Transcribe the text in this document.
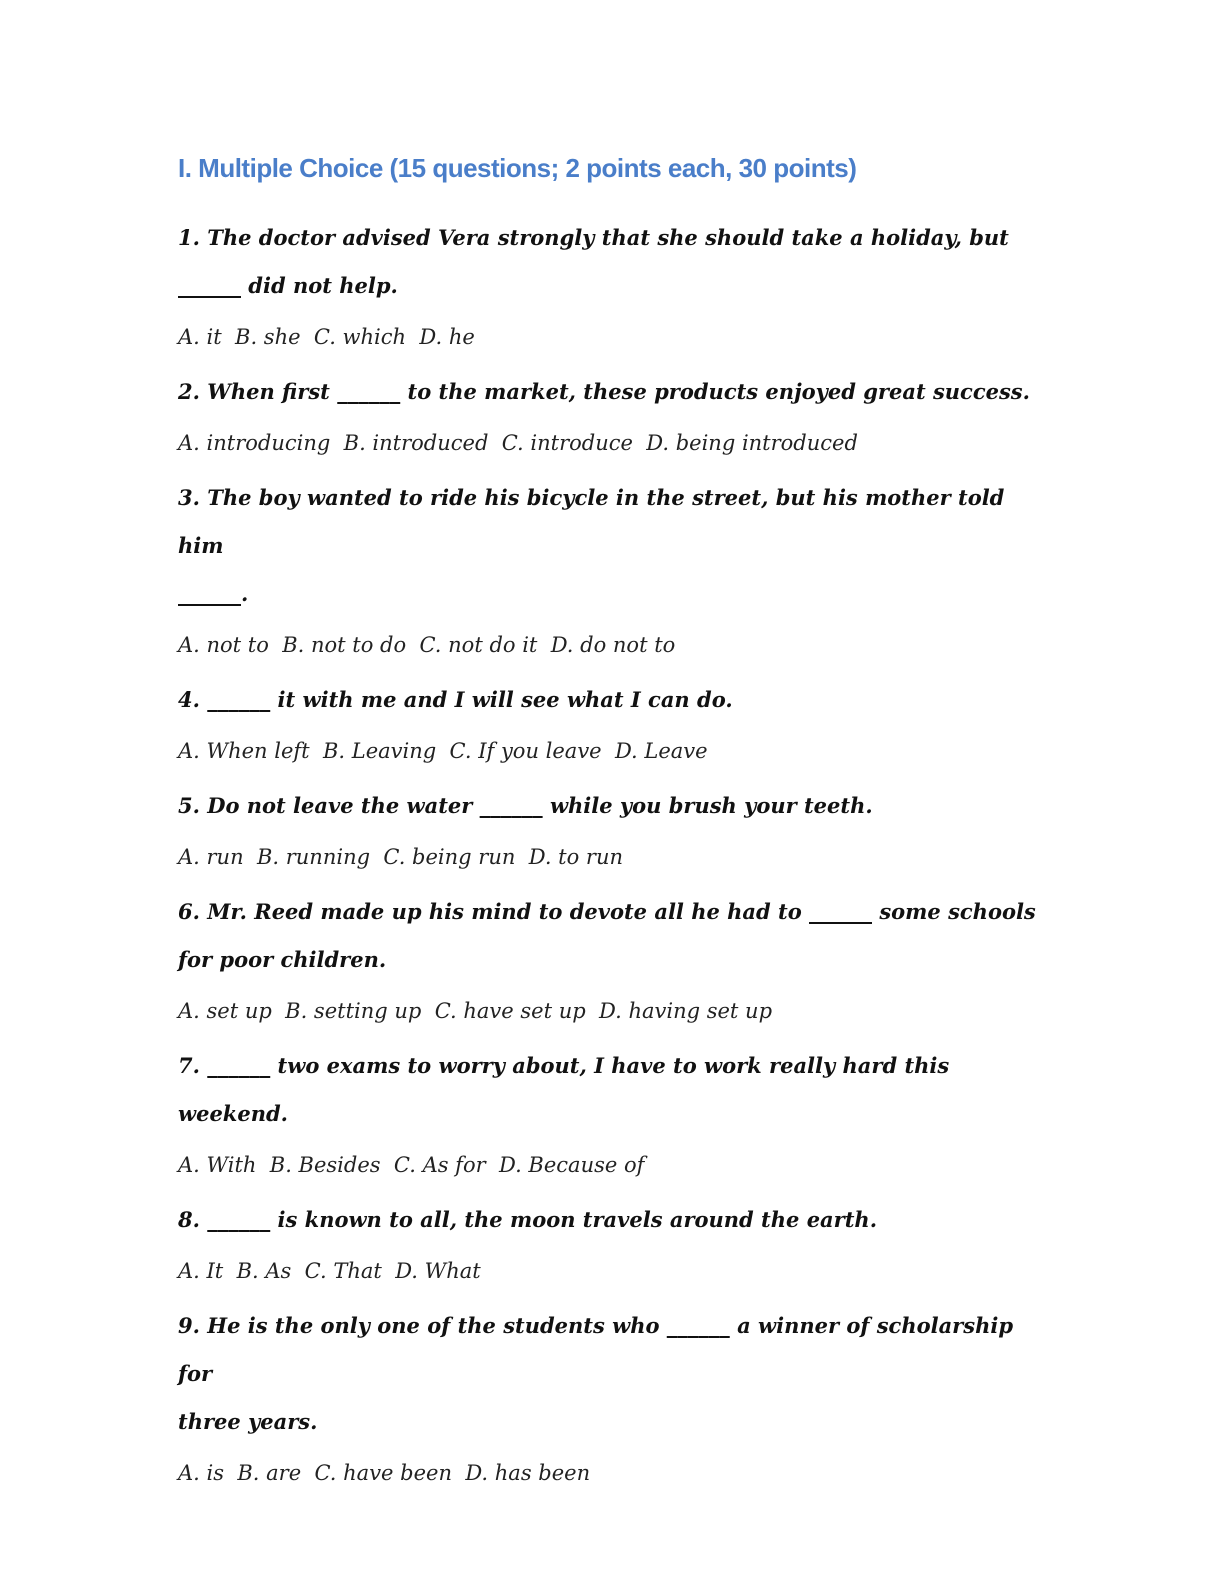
I. Multiple Choice (15 questions; 2 points each, 30 points)

1. The doctor advised Vera strongly that she should take a holiday, but

______ did not help.

A. it  B. she  C. which  D. he

2. When first ______ to the market, these products enjoyed great success.

A. introducing  B. introduced  C. introduce  D. being introduced

3. The boy wanted to ride his bicycle in the street, but his mother told him

______.

A. not to  B. not to do  C. not do it  D. do not to

4. ______ it with me and I will see what I can do.

A. When left  B. Leaving  C. If you leave  D. Leave

5. Do not leave the water ______ while you brush your teeth.

A. run  B. running  C. being run  D. to run

6. Mr. Reed made up his mind to devote all he had to ______ some schools

for poor children.

A. set up  B. setting up  C. have set up  D. having set up

7. ______ two exams to worry about, I have to work really hard this

weekend.

A. With  B. Besides  C. As for  D. Because of

8. ______ is known to all, the moon travels around the earth.

A. It  B. As  C. That  D. What

9. He is the only one of the students who ______ a winner of scholarship for

three years.

A. is  B. are  C. have been  D. has been
